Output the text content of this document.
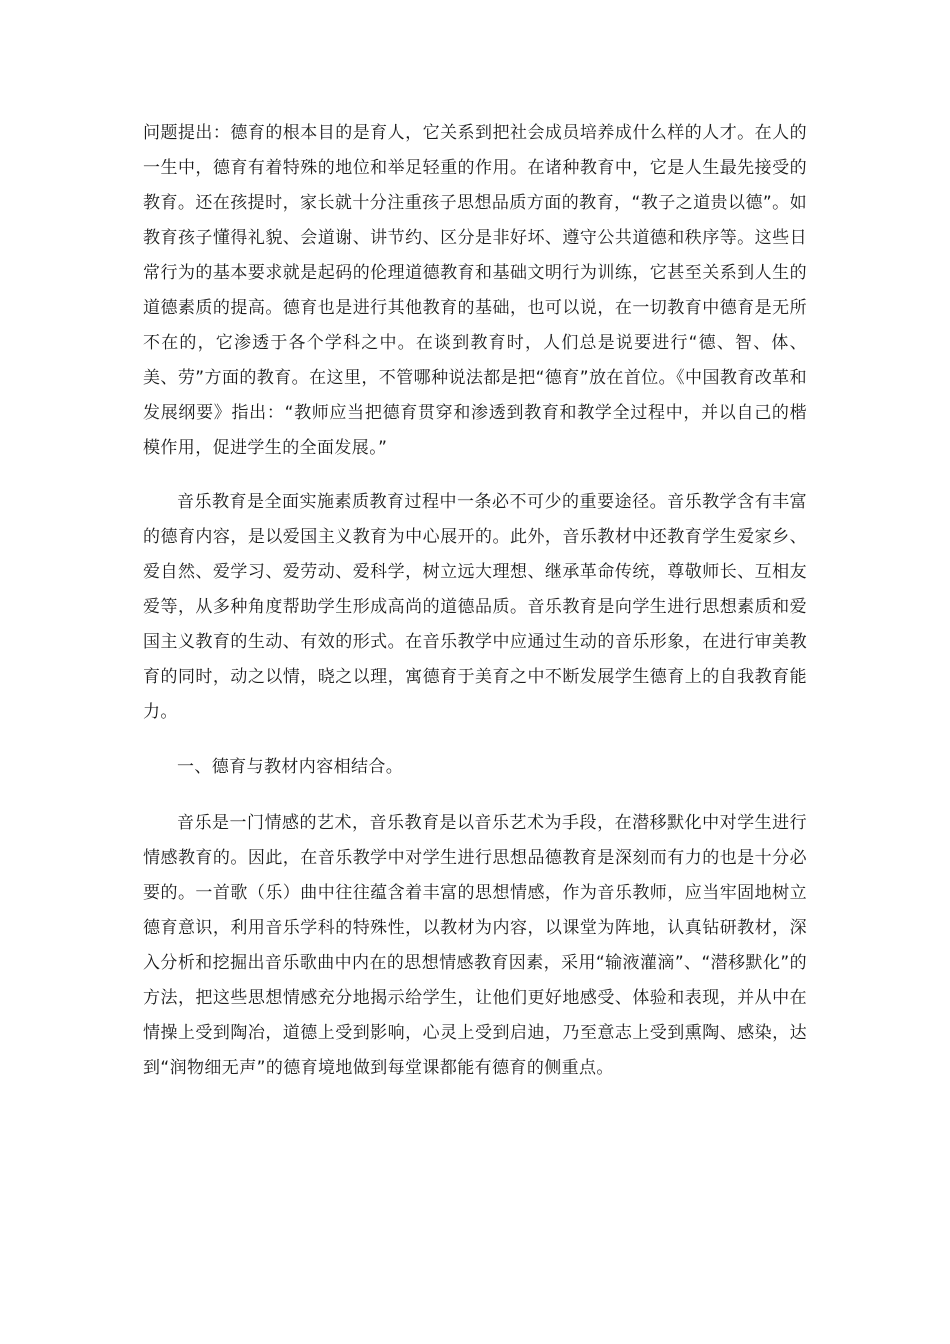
问题提出：德育的根本目的是育人，它关系到把社会成员培养成什么样的人才。在人的一生中，德育有着特殊的地位和举足轻重的作用。在诸种教育中，它是人生最先接受的教育。还在孩提时，家长就十分注重孩子思想品质方面的教育，“教子之道贵以德”。如教育孩子懂得礼貌、会道谢、讲节约、区分是非好坏、遵守公共道德和秩序等。这些日常行为的基本要求就是起码的伦理道德教育和基础文明行为训练，它甚至关系到人生的道德素质的提高。德育也是进行其他教育的基础，也可以说，在一切教育中德育是无所不在的，它渗透于各个学科之中。在谈到教育时，人们总是说要进行“德、智、体、美、劳”方面的教育。在这里，不管哪种说法都是把“德育”放在首位。《中国教育改革和发展纲要》指出：“教师应当把德育贯穿和渗透到教育和教学全过程中，并以自己的楷模作用，促进学生的全面发展。”

音乐教育是全面实施素质教育过程中一条必不可少的重要途径。音乐教学含有丰富的德育内容，是以爱国主义教育为中心展开的。此外，音乐教材中还教育学生爱家乡、爱自然、爱学习、爱劳动、爱科学，树立远大理想、继承革命传统，尊敬师长、互相友爱等，从多种角度帮助学生形成高尚的道德品质。音乐教育是向学生进行思想素质和爱国主义教育的生动、有效的形式。在音乐教学中应通过生动的音乐形象，在进行审美教育的同时，动之以情，晓之以理，寓德育于美育之中不断发展学生德育上的自我教育能力。

一、德育与教材内容相结合。

音乐是一门情感的艺术，音乐教育是以音乐艺术为手段，在潜移默化中对学生进行情感教育的。因此，在音乐教学中对学生进行思想品德教育是深刻而有力的也是十分必要的。一首歌（乐）曲中往往蕴含着丰富的思想情感，作为音乐教师，应当牢固地树立德育意识，利用音乐学科的特殊性，以教材为内容，以课堂为阵地，认真钻研教材，深入分析和挖掘出音乐歌曲中内在的思想情感教育因素，采用“输液灌滴”、“潜移默化”的方法，把这些思想情感充分地揭示给学生，让他们更好地感受、体验和表现，并从中在情操上受到陶冶，道德上受到影响，心灵上受到启迪，乃至意志上受到熏陶、感染，达到“润物细无声”的德育境地做到每堂课都能有德育的侧重点。
